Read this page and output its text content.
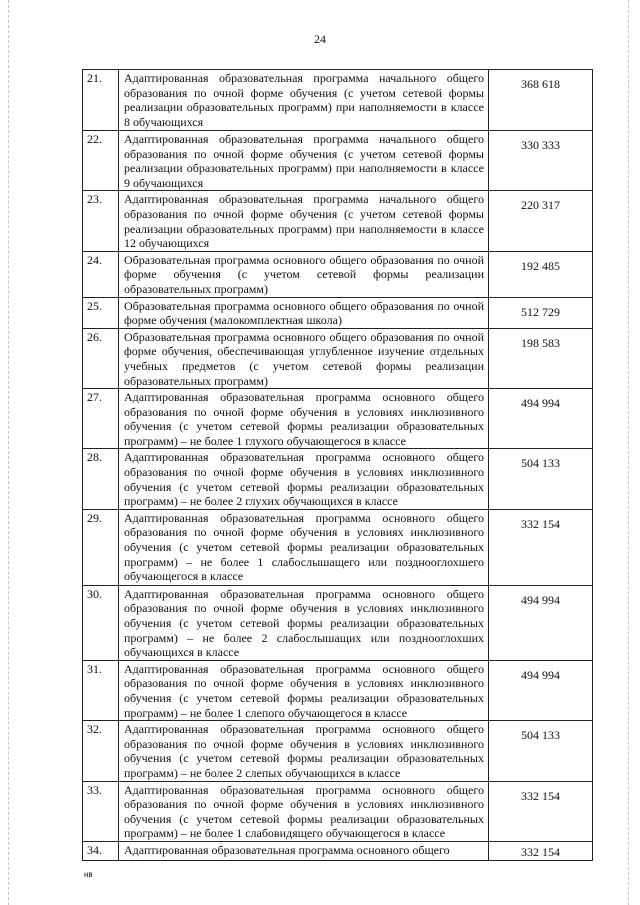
24
21.	Адаптированная образовательная программа начального общего образования по очной форме обучения (с учетом сетевой формы реализации образовательных программ) при наполняемости в классе 8 обучающихся	368 618
22.	Адаптированная образовательная программа начального общего образования по очной форме обучения (с учетом сетевой формы реализации образовательных программ) при наполняемости в классе 9 обучающихся	330 333
23.	Адаптированная образовательная программа начального общего образования по очной форме обучения (с учетом сетевой формы реализации образовательных программ) при наполняемости в классе 12 обучающихся	220 317
24.	Образовательная программа основного общего образования по очной форме обучения (с учетом сетевой формы реализации образовательных программ)	192 485
25.	Образовательная программа основного общего образования по очной форме обучения (малокомплектная школа)	512 729
26.	Образовательная программа основного общего образования по очной форме обучения, обеспечивающая углубленное изучение отдельных учебных предметов (с учетом сетевой формы реализации образовательных программ)	198 583
27.	Адаптированная образовательная программа основного общего образования по очной форме обучения в условиях инклюзивного обучения (с учетом сетевой формы реализации образовательных программ) – не более 1 глухого обучающегося в классе	494 994
28.	Адаптированная образовательная программа основного общего образования по очной форме обучения в условиях инклюзивного обучения (с учетом сетевой формы реализации образовательных программ) – не более 2 глухих обучающихся в классе	504 133
29.	Адаптированная образовательная программа основного общего образования по очной форме обучения в условиях инклюзивного обучения (с учетом сетевой формы реализации образовательных программ) – не более 1 слабослышащего или позднооглохшего обучающегося в классе	332 154
30.	Адаптированная образовательная программа основного общего образования по очной форме обучения в условиях инклюзивного обучения (с учетом сетевой формы реализации образовательных программ) – не более 2 слабослышащих или позднооглохших обучающихся в классе	494 994
31.	Адаптированная образовательная программа основного общего образования по очной форме обучения в условиях инклюзивного обучения (с учетом сетевой формы реализации образовательных программ) – не более 1 слепого обучающегося в классе	494 994
32.	Адаптированная образовательная программа основного общего образования по очной форме обучения в условиях инклюзивного обучения (с учетом сетевой формы реализации образовательных программ) – не более 2 слепых обучающихся в классе	504 133
33.	Адаптированная образовательная программа основного общего образования по очной форме обучения в условиях инклюзивного обучения (с учетом сетевой формы реализации образовательных программ) – не более 1 слабовидящего обучающегося в классе	332 154
34.	Адаптированная образовательная программа основного общего	332 154
нв
